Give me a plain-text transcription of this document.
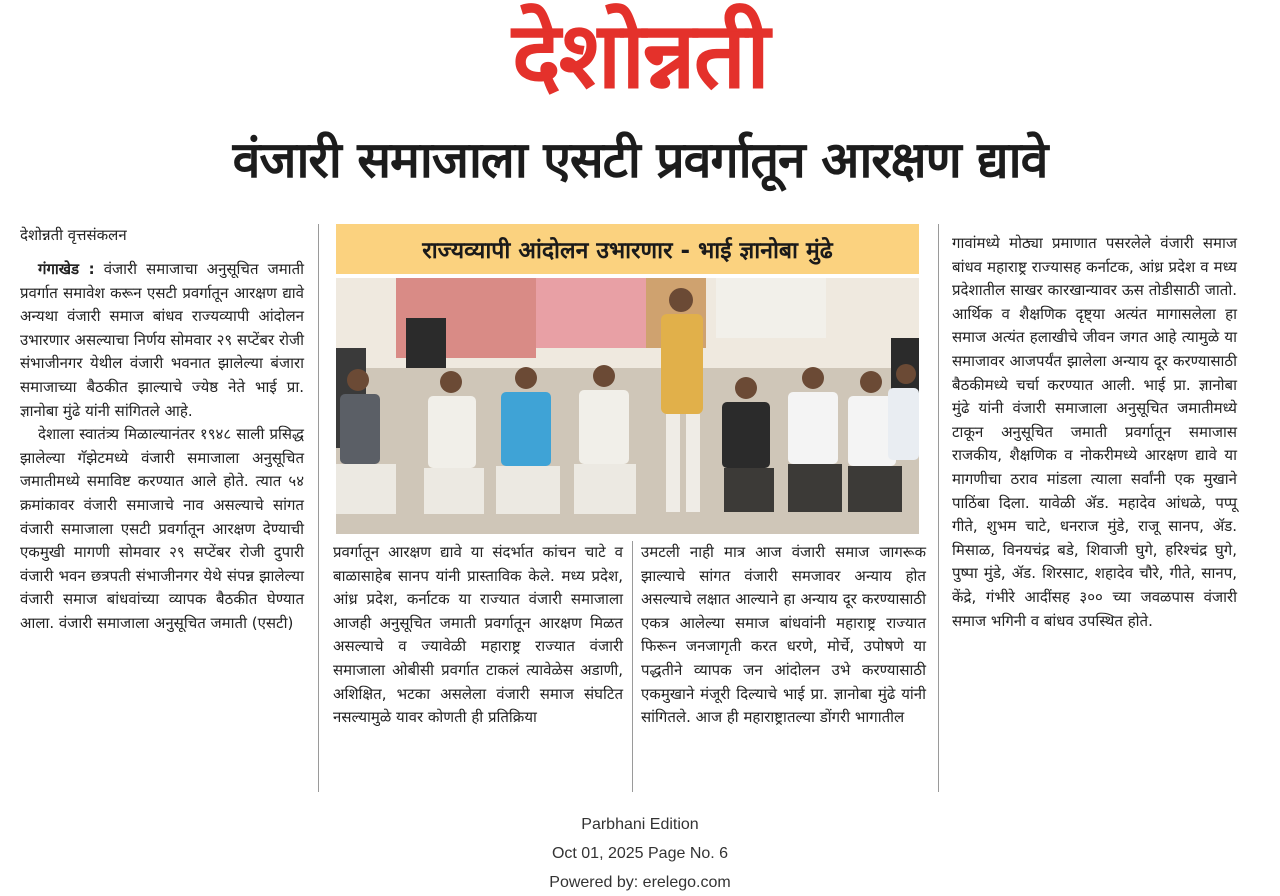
देशोन्नती
वंजारी समाजाला एसटी प्रवर्गातून आरक्षण द्यावे
देशोन्नती वृत्तसंकलन

गंगाखेड : वंजारी समाजाचा अनुसूचित जमाती प्रवर्गात समावेश करून एसटी प्रवर्गातून आरक्षण द्यावे अन्यथा वंजारी समाज बांधव राज्यव्यापी आंदोलन उभारणार असल्याचा निर्णय सोमवार २९ सप्टेंबर रोजी संभाजीनगर येथील वंजारी भवनात झालेल्या बंजारा समाजाच्या बैठकीत झाल्याचे ज्येष्ठ नेते भाई प्रा. ज्ञानोबा मुंढे यांनी सांगितले आहे.

देशाला स्वातंत्र्य मिळाल्यानंतर १९४८ साली प्रसिद्ध झालेल्या गॅझेटमध्ये वंजारी समाजाला अनुसूचित जमातीमध्ये समाविष्ट करण्यात आले होते. त्यात ५४ क्रमांकावर वंजारी समाजाचे नाव असल्याचे सांगत वंजारी समाजाला एसटी प्रवर्गातून आरक्षण देण्याची एकमुखी मागणी सोमवार २९ सप्टेंबर रोजी दुपारी वंजारी भवन छत्रपती संभाजीनगर येथे संपन्न झालेल्या वंजारी समाज बांधवांच्या व्यापक बैठकीत घेण्यात आला. वंजारी समाजाला अनुसूचित जमाती (एसटी)

राज्यव्यापी आंदोलन उभारणार - भाई ज्ञानोबा मुंढे

प्रवर्गातून आरक्षण द्यावे या संदर्भात कांचन चाटे व बाळासाहेब सानप यांनी प्रास्ताविक केले. मध्य प्रदेश, आंध्र प्रदेश, कर्नाटक या राज्यात वंजारी समाजाला आजही अनुसूचित जमाती प्रवर्गातून आरक्षण मिळत असल्याचे व ज्यावेळी महाराष्ट्र राज्यात वंजारी समाजाला ओबीसी प्रवर्गात टाकलं त्यावेळेस अडाणी, अशिक्षित, भटका असलेला वंजारी समाज संघटित नसल्यामुळे यावर कोणती ही प्रतिक्रिया

उमटली नाही मात्र आज वंजारी समाज जागरूक झाल्याचे सांगत वंजारी समजावर अन्याय होत असल्याचे लक्षात आल्याने हा अन्याय दूर करण्यासाठी एकत्र आलेल्या समाज बांधवांनी महाराष्ट्र राज्यात फिरून जनजागृती करत धरणे, मोर्चे, उपोषणे या पद्धतीने व्यापक जन आंदोलन उभे करण्यासाठी एकमुखाने मंजूरी दिल्याचे भाई प्रा. ज्ञानोबा मुंढे यांनी सांगितले. आज ही महाराष्ट्रातल्या डोंगरी भागातील

गावांमध्ये मोठ्या प्रमाणात पसरलेले वंजारी समाज बांधव महाराष्ट्र राज्यासह कर्नाटक, आंध्र प्रदेश व मध्य प्रदेशातील साखर कारखान्यावर ऊस तोडीसाठी जातो. आर्थिक व शैक्षणिक दृष्ट्या अत्यंत मागासलेला हा समाज अत्यंत हलाखीचे जीवन जगत आहे त्यामुळे या समाजावर आजपर्यंत झालेला अन्याय दूर करण्यासाठी बैठकीमध्ये चर्चा करण्यात आली. भाई प्रा. ज्ञानोबा मुंढे यांनी वंजारी समाजाला अनुसूचित जमातीमध्ये टाकून अनुसूचित जमाती प्रवर्गातून समाजास राजकीय, शैक्षणिक व नोकरीमध्ये आरक्षण द्यावे या मागणीचा ठराव मांडला त्याला सर्वांनी एक मुखाने पाठिंबा दिला. यावेळी ॲड. महादेव आंधळे, पप्पू गीते, शुभम चाटे, धनराज मुंडे, राजू सानप, ॲड. मिसाळ, विनयचंद्र बडे, शिवाजी घुगे, हरिश्चंद्र घुगे, पुष्पा मुंडे, ॲड. शिरसाट, शहादेव चौरे, गीते, सानप, केंद्रे, गंभीरे आदींसह ३०० च्या जवळपास वंजारी समाज भगिनी व बांधव उपस्थित होते.

Parbhani Edition
Oct 01, 2025 Page No. 6
Powered by: erelego.com
